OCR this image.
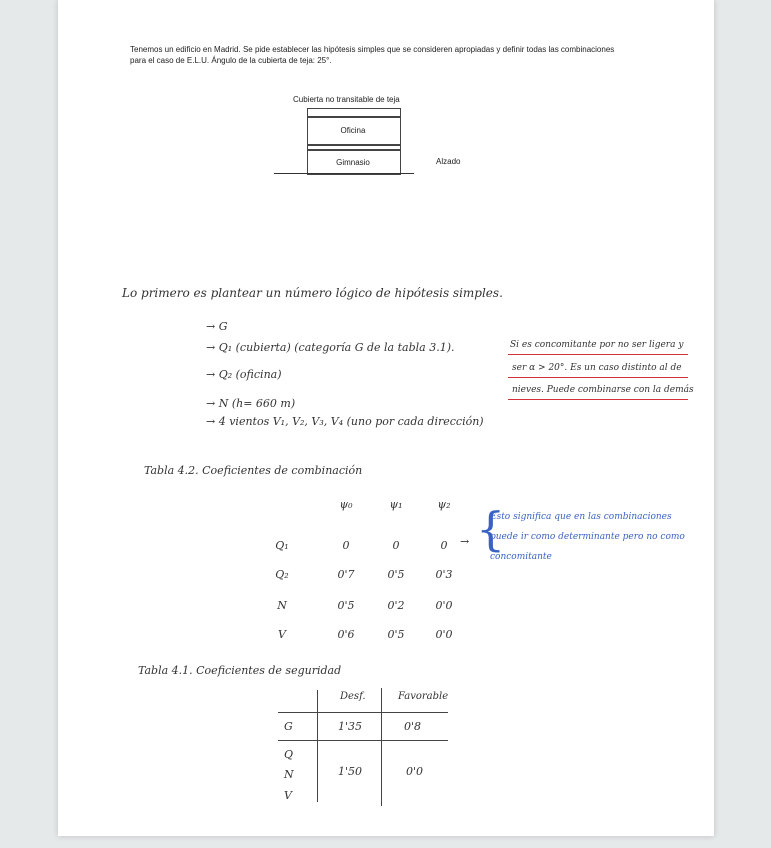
Tenemos un edificio en Madrid. Se pide establecer las hipótesis simples que se consideren apropiadas y definir todas las combinaciones para el caso de E.L.U. Ángulo de la cubierta de teja: 25°.
Cubierta no transitable de teja
Oficina
Gimnasio	Alzado
Lo primero es plantear un número lógico de hipótesis simples.
→ G
→ Q₁ (cubierta) (categoría G de la tabla 3.1).
→ Q₂ (oficina)
→ N (h= 660 m)
→ 4 vientos V₁, V₂, V₃, V₄ (uno por cada dirección)
Si es concomitante por no ser ligera y
ser α > 20°. Es un caso distinto al de
nieves. Puede combinarse con la demás
Tabla 4.2. Coeficientes de combinación
ψ₀	ψ₁	ψ₂
Q₁	0	0	0
Q₂	0'7	0'5	0'3
N	0'5	0'2	0'0
V	0'6	0'5	0'0
→ {
Esto significa que en las combinaciones
puede ir como determinante pero no como
concomitante
Tabla 4.1. Coeficientes de seguridad
Desf.	Favorable
G	1'35	0'8
Q
N
V
1'50	0'0
